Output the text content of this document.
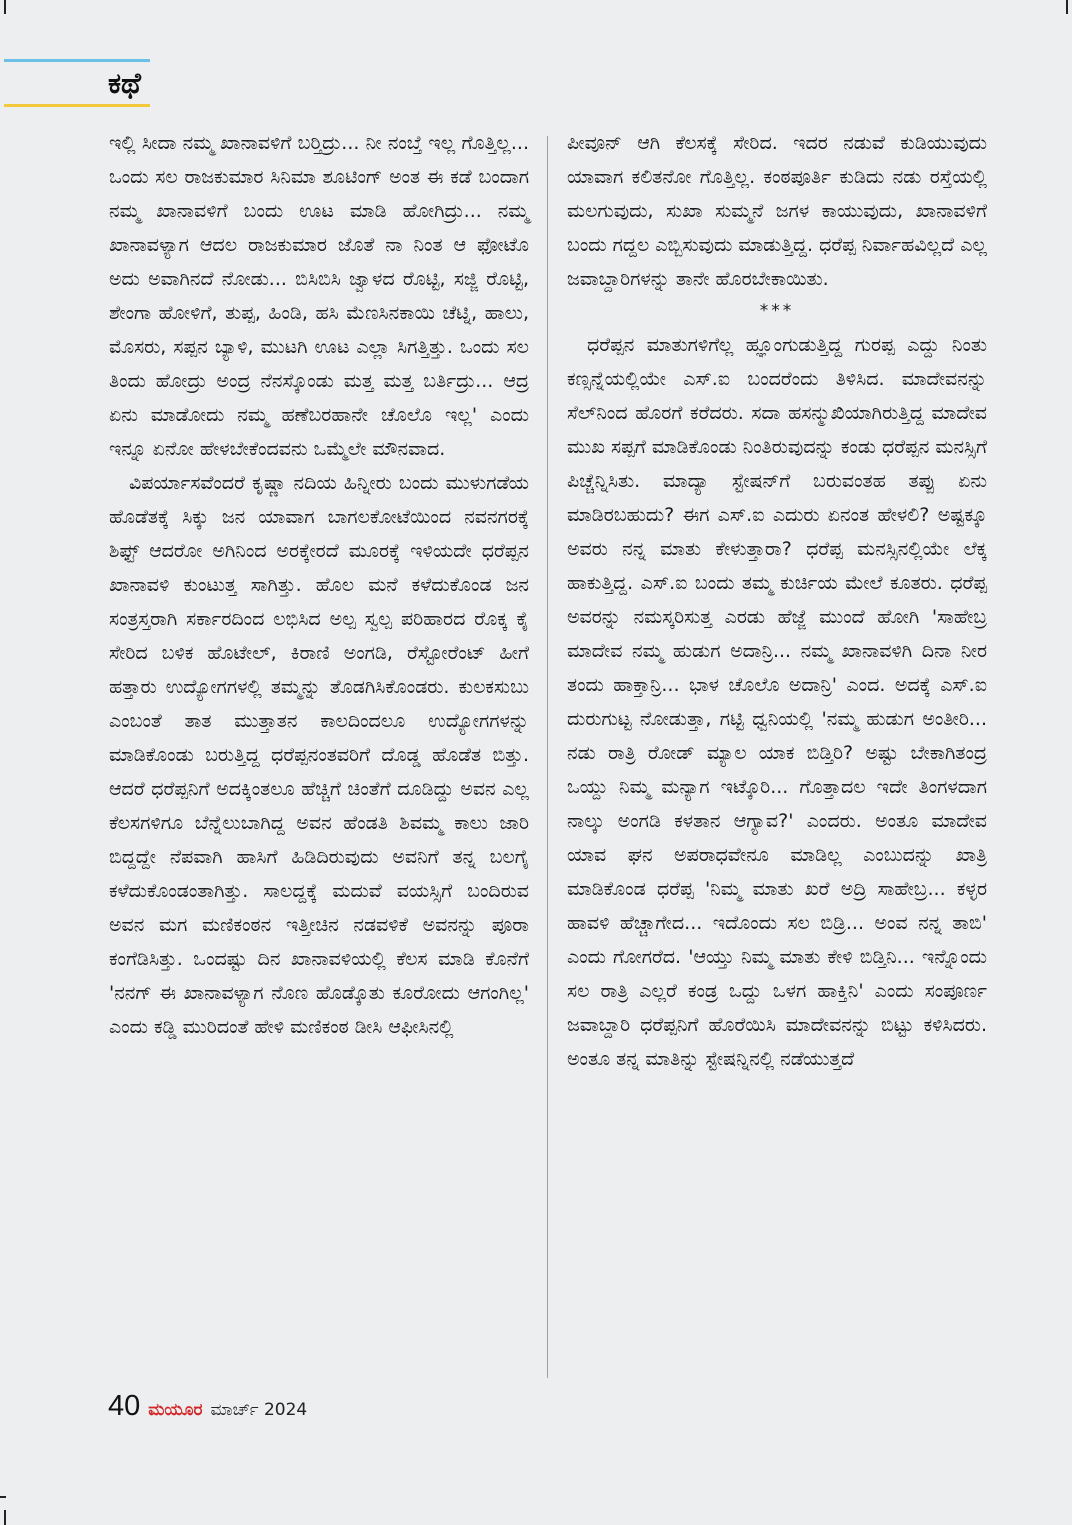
ಕಥೆ

ಇಲ್ಲಿ ಸೀದಾ ನಮ್ಮ ಖಾನಾವಳಿಗೆ ಬರ್‍ತಿದ್ರು... ನೀ ನಂಬ್ತೆ ಇಲ್ಲ ಗೊತ್ತಿಲ್ಲ... ಒಂದು ಸಲ ರಾಜಕುಮಾರ ಸಿನಿಮಾ ಶೂಟಿಂಗ್ ಅಂತ ಈ ಕಡೆ ಬಂದಾಗ ನಮ್ಮ ಖಾನಾವಳಿಗೆ ಬಂದು ಊಟ ಮಾಡಿ ಹೋಗಿದ್ರು... ನಮ್ಮ ಖಾನಾವಳ್ಯಾಗ ಆದಲ ರಾಜಕುಮಾರ ಜೊತೆ ನಾ ನಿಂತ ಆ ಫೋಟೊ ಅದು ಅವಾಗಿನದೆ ನೋಡು... ಬಿಸಿಬಿಸಿ ಜ್ವಾಳದ ರೊಟ್ಟಿ, ಸಜ್ಜಿ ರೊಟ್ಟಿ, ಶೇಂಗಾ ಹೋಳಿಗೆ, ತುಪ್ಪ, ಹಿಂಡಿ, ಹಸಿ ಮೆಣಸಿನಕಾಯಿ ಚೆಟ್ನಿ, ಹಾಲು, ಮೊಸರು, ಸಪ್ಪನ ಬ್ಯಾಳಿ, ಮುಟಗಿ ಊಟ ಎಲ್ಲಾ ಸಿಗತ್ತಿತ್ತು. ಒಂದು ಸಲ ತಿಂದು ಹೋದ್ರು ಅಂದ್ರ ನೆನಸ್ಕೊಂಡು ಮತ್ತ ಮತ್ತ ಬರ್ತಿದ್ರು... ಆದ್ರ ಏನು ಮಾಡೋದು ನಮ್ಮ ಹಣೆಬರಹಾನೇ ಚೊಲೊ ಇಲ್ಲ' ಎಂದು ಇನ್ನೂ ಏನೋ ಹೇಳಬೇಕೆಂದವನು ಒಮ್ಮೆಲೇ ಮೌನವಾದ.

ವಿಪರ್ಯಾಸವೆಂದರೆ ಕೃಷ್ಣಾ ನದಿಯ ಹಿನ್ನೀರು ಬಂದು ಮುಳುಗಡೆಯ ಹೊಡೆತಕ್ಕೆ ಸಿಕ್ಕು ಜನ ಯಾವಾಗ ಬಾಗಲಕೋಟೆಯಿಂದ ನವನಗರಕ್ಕೆ ಶಿಫ್ಟ್ ಆದರೋ ಅಗಿನಿಂದ ಅರಕ್ಕೇರದೆ ಮೂರಕ್ಕೆ ಇಳಿಯದೇ ಧರೆಪ್ಪನ ಖಾನಾವಳಿ ಕುಂಟುತ್ತ ಸಾಗಿತ್ತು. ಹೊಲ ಮನೆ ಕಳೆದುಕೊಂಡ ಜನ ಸಂತ್ರಸ್ತರಾಗಿ ಸರ್ಕಾರದಿಂದ ಲಭಿಸಿದ ಅಲ್ಪ ಸ್ವಲ್ಪ ಪರಿಹಾರದ ರೊಕ್ಕ ಕೈ ಸೇರಿದ ಬಳಿಕ ಹೊಟೇಲ್, ಕಿರಾಣಿ ಅಂಗಡಿ, ರೆಸ್ಟೋರೆಂಟ್ ಹೀಗೆ ಹತ್ತಾರು ಉದ್ಯೋಗಗಳಲ್ಲಿ ತಮ್ಮನ್ನು ತೊಡಗಿಸಿಕೊಂಡರು. ಕುಲಕಸುಬು ಎಂಬಂತೆ ತಾತ ಮುತ್ತಾತನ ಕಾಲದಿಂದಲೂ ಉದ್ಯೋಗಗಳನ್ನು ಮಾಡಿಕೊಂಡು ಬರುತ್ತಿದ್ದ ಧರೆಪ್ಪನಂತವರಿಗೆ ದೊಡ್ಡ ಹೊಡೆತ ಬಿತ್ತು. ಆದರೆ ಧರೆಪ್ಪನಿಗೆ ಅದಕ್ಕಿಂತಲೂ ಹೆಚ್ಚಿಗೆ ಚಿಂತೆಗೆ ದೂಡಿದ್ದು ಅವನ ಎಲ್ಲ ಕೆಲಸಗಳಿಗೂ ಬೆನ್ನೆಲುಬಾಗಿದ್ದ ಅವನ ಹೆಂಡತಿ ಶಿವಮ್ಮ ಕಾಲು ಜಾರಿ ಬಿದ್ದದ್ದೇ ನೆಪವಾಗಿ ಹಾಸಿಗೆ ಹಿಡಿದಿರುವುದು ಅವನಿಗೆ ತನ್ನ ಬಲಗೈ ಕಳೆದುಕೊಂಡಂತಾಗಿತ್ತು. ಸಾಲದ್ದಕ್ಕೆ ಮದುವೆ ವಯಸ್ಸಿಗೆ ಬಂದಿರುವ ಅವನ ಮಗ ಮಣಿಕಂಠನ ಇತ್ತೀಚಿನ ನಡವಳಿಕೆ ಅವನನ್ನು ಪೂರಾ ಕಂಗೆಡಿಸಿತ್ತು. ಒಂದಷ್ಟು ದಿನ ಖಾನಾವಳಿಯಲ್ಲಿ ಕೆಲಸ ಮಾಡಿ ಕೊನೆಗೆ 'ನನಗ್ ಈ ಖಾನಾವಳ್ಯಾಗ ನೊಣ ಹೊಡ್ಕೊತು ಕೂರೋದು ಆಗಂಗಿಲ್ಲ' ಎಂದು ಕಡ್ಡಿ ಮುರಿದಂತೆ ಹೇಳಿ ಮಣಿಕಂಠ ಡೀಸಿ ಆಫೀಸಿನಲ್ಲಿ

ಪೀವೂನ್ ಆಗಿ ಕೆಲಸಕ್ಕೆ ಸೇರಿದ. ಇದರ ನಡುವೆ ಕುಡಿಯುವುದು ಯಾವಾಗ ಕಲಿತನೋ ಗೊತ್ತಿಲ್ಲ. ಕಂಠಪೂರ್ತಿ ಕುಡಿದು ನಡು ರಸ್ತೆಯಲ್ಲಿ ಮಲಗುವುದು, ಸುಖಾ ಸುಮ್ಮನೆ ಜಗಳ ಕಾಯುವುದು, ಖಾನಾವಳಿಗೆ ಬಂದು ಗದ್ದಲ ಎಬ್ಬಿಸುವುದು ಮಾಡುತ್ತಿದ್ದ. ಧರೆಪ್ಪ ನಿರ್ವಾಹವಿಲ್ಲದೆ ಎಲ್ಲ ಜವಾಬ್ದಾರಿಗಳನ್ನು ತಾನೇ ಹೊರಬೇಕಾಯಿತು.

***

ಧರೆಪ್ಪನ ಮಾತುಗಳಿಗೆಲ್ಲ ಹ್ಞೂಂಗುಡುತ್ತಿದ್ದ ಗುರಪ್ಪ ಎದ್ದು ನಿಂತು ಕಣ್ಸನ್ನೆಯಲ್ಲಿಯೇ ಎಸ್.ಐ ಬಂದರೆಂದು ತಿಳಿಸಿದ. ಮಾದೇವನನ್ನು ಸೆಲ್‌ನಿಂದ ಹೊರಗೆ ಕರೆದರು. ಸದಾ ಹಸನ್ಮುಖಿಯಾಗಿರುತ್ತಿದ್ದ ಮಾದೇವ ಮುಖ ಸಪ್ಪಗೆ ಮಾಡಿಕೊಂಡು ನಿಂತಿರುವುದನ್ನು ಕಂಡು ಧರೆಪ್ಪನ ಮನಸ್ಸಿಗೆ ಪಿಚ್ಚೆನ್ನಿಸಿತು. ಮಾದ್ಯಾ ಸ್ಟೇಷನ್‌ಗೆ ಬರುವಂತಹ ತಪ್ಪು ಏನು ಮಾಡಿರಬಹುದು? ಈಗ ಎಸ್.ಐ ಎದುರು ಏನಂತ ಹೇಳಲಿ? ಅಷ್ಟಕ್ಕೂ ಅವರು ನನ್ನ ಮಾತು ಕೇಳುತ್ತಾರಾ? ಧರೆಪ್ಪ ಮನಸ್ಸಿನಲ್ಲಿಯೇ ಲೆಕ್ಕ ಹಾಕುತ್ತಿದ್ದ. ಎಸ್.ಐ ಬಂದು ತಮ್ಮ ಕುರ್ಚಿಯ ಮೇಲೆ ಕೂತರು. ಧರೆಪ್ಪ ಅವರನ್ನು ನಮಸ್ಕರಿಸುತ್ತ ಎರಡು ಹೆಜ್ಜೆ ಮುಂದೆ ಹೋಗಿ 'ಸಾಹೇಬ್ರ ಮಾದೇವ ನಮ್ಮ ಹುಡುಗ ಅದಾನ್ರಿ... ನಮ್ಮ ಖಾನಾವಳಿಗಿ ದಿನಾ ನೀರ ತಂದು ಹಾಕ್ತಾನ್ರಿ... ಭಾಳ ಚೊಲೊ ಅದಾನ್ರಿ' ಎಂದ. ಅದಕ್ಕೆ ಎಸ್.ಐ ದುರುಗುಟ್ಟ ನೋಡುತ್ತಾ, ಗಟ್ಟಿ ಧ್ವನಿಯಲ್ಲಿ 'ನಮ್ಮ ಹುಡುಗ ಅಂತೀರಿ... ನಡು ರಾತ್ರಿ ರೋಡ್ ಮ್ಯಾಲ ಯಾಕ ಬಿಡ್ತಿರಿ? ಅಷ್ಟು ಬೇಕಾಗಿತಂದ್ರ ಒಯ್ದು ನಿಮ್ಮ ಮನ್ಯಾಗ ಇಟ್ಕೊರಿ... ಗೊತ್ತಾದಲ ಇದೇ ತಿಂಗಳದಾಗ ನಾಲ್ಕು ಅಂಗಡಿ ಕಳತಾನ ಆಗ್ಯಾವ?' ಎಂದರು. ಅಂತೂ ಮಾದೇವ ಯಾವ ಘನ ಅಪರಾಧವೇನೂ ಮಾಡಿಲ್ಲ ಎಂಬುದನ್ನು ಖಾತ್ರಿ ಮಾಡಿಕೊಂಡ ಧರೆಪ್ಪ 'ನಿಮ್ಮ ಮಾತು ಖರೆ ಅದ್ರಿ ಸಾಹೇಬ್ರ... ಕಳ್ಳರ ಹಾವಳಿ ಹೆಚ್ಚಾಗೇದ... ಇದೊಂದು ಸಲ ಬಿಡ್ರಿ... ಅಂವ ನನ್ನ ತಾಬಿ' ಎಂದು ಗೋಗರೆದ. 'ಆಯ್ತು ನಿಮ್ಮ ಮಾತು ಕೇಳಿ ಬಿಡ್ತಿನಿ... ಇನ್ನೊಂದು ಸಲ ರಾತ್ರಿ ಎಲ್ಲರೆ ಕಂಡ್ರ ಒದ್ದು ಒಳಗ ಹಾಕ್ತಿನಿ' ಎಂದು ಸಂಪೂರ್ಣ ಜವಾಬ್ದಾರಿ ಧರೆಪ್ಪನಿಗೆ ಹೊರೆಯಿಸಿ ಮಾದೇವನನ್ನು ಬಿಟ್ಟು ಕಳಿಸಿದರು. ಅಂತೂ ತನ್ನ ಮಾತಿನ್ನು ಸ್ಟೇಷನ್ನಿನಲ್ಲಿ ನಡೆಯುತ್ತದೆ

40 ಮಯೂರ ಮಾರ್ಚ್ 2024
